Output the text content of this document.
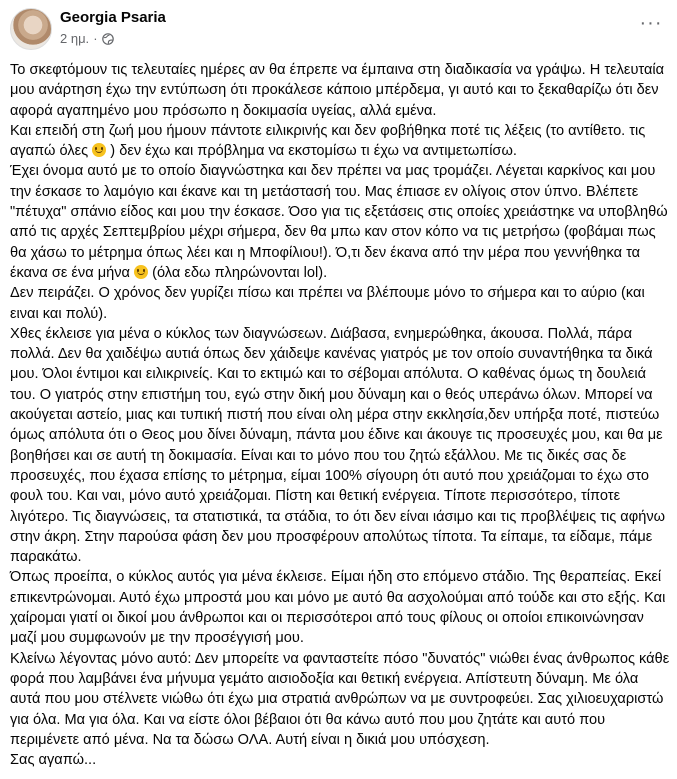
Georgia Psaria
2 ημ. ·
···

Το σκεφτόμουν τις τελευταίες ημέρες αν θα έπρεπε να έμπαινα στη διαδικασία να γράψω. Η τελευταία μου ανάρτηση έχω την εντύπωση ότι προκάλεσε κάποιο μπέρδεμα, γι αυτό και το ξεκαθαρίζω ότι δεν αφορά αγαπημένο μου πρόσωπο η δοκιμασία υγείας, αλλά εμένα.

Και επειδή στη ζωή μου ήμουν πάντοτε ειλικρινής και δεν φοβήθηκα ποτέ τις λέξεις (το αντίθετο. τις αγαπώ όλες ) δεν έχω και πρόβλημα να εκστομίσω τι έχω να αντιμετωπίσω.

Έχει όνομα αυτό με το οποίο διαγνώστηκα και δεν πρέπει να μας τρομάζει. Λέγεται καρκίνος και μου την έσκασε το λαμόγιο και έκανε και τη μετάστασή του. Μας έπιασε εν ολίγοις στον ύπνο. Βλέπετε "πέτυχα" σπάνιο είδος και μου την έσκασε. Όσο για τις εξετάσεις στις οποίες χρειάστηκε να υποβληθώ από τις αρχές Σεπτεμβρίου μέχρι σήμερα, δεν θα μπω καν στον κόπο να τις μετρήσω (φοβάμαι πως θα χάσω το μέτρημα όπως λέει και η Μποφίλιου!). Ό,τι δεν έκανα από την μέρα που γεννήθηκα τα έκανα σε ένα μήνα (όλα εδω πληρώνονται lol).

Δεν πειράζει. Ο χρόνος δεν γυρίζει πίσω και πρέπει να βλέπουμε μόνο το σήμερα και το αύριο (και ειναι και πολύ).

Χθες έκλεισε για μένα ο κύκλος των διαγνώσεων. Διάβασα, ενημερώθηκα, άκουσα. Πολλά, πάρα πολλά. Δεν θα χαιδέψω αυτιά όπως δεν χάιδεψε κανένας γιατρός με τον οποίο συναντήθηκα τα δικά μου. Όλοι έντιμοι και ειλικρινείς. Και το εκτιμώ και το σέβομαι απόλυτα. Ο καθένας όμως τη δουλειά του. Ο γιατρός στην επιστήμη του, εγώ στην δική μου δύναμη και ο θεός υπεράνω όλων. Μπορεί να ακούγεται αστείο, μιας και τυπική πιστή που είναι ολη μέρα στην εκκλησία,δεν υπήρξα ποτέ, πιστεύω όμως απόλυτα ότι ο Θεος μου δίνει δύναμη, πάντα μου έδινε και άκουγε τις προσευχές μου, και θα με βοηθήσει και σε αυτή τη δοκιμασία. Είναι και το μόνο που του ζητώ εξάλλου. Με τις δικές σας δε προσευχές, που έχασα επίσης το μέτρημα, είμαι 100% σίγουρη ότι αυτό που χρειάζομαι το έχω στο φουλ του. Και ναι, μόνο αυτό χρειάζομαι. Πίστη και θετική ενέργεια. Τίποτε περισσότερο, τίποτε λιγότερο. Τις διαγνώσεις, τα στατιστικά, τα στάδια, το ότι δεν είναι ιάσιμο και τις προβλέψεις τις αφήνω στην άκρη. Στην παρούσα φάση δεν μου προσφέρουν απολύτως τίποτα. Τα είπαμε, τα είδαμε, πάμε παρακάτω.

Όπως προείπα, ο κύκλος αυτός για μένα έκλεισε. Είμαι ήδη στο επόμενο στάδιο. Της θεραπείας. Εκεί επικεντρώνομαι. Αυτό έχω μπροστά μου και μόνο με αυτό θα ασχολούμαι από τούδε και στο εξής. Και χαίρομαι γιατί οι δικοί μου άνθρωποι και οι περισσότεροι από τους φίλους οι οποίοι επικοινώνησαν μαζί μου συμφωνούν με την προσέγγισή μου.

Κλείνω λέγοντας μόνο αυτό: Δεν μπορείτε να φανταστείτε πόσο "δυνατός" νιώθει ένας άνθρωπος κάθε φορά που λαμβάνει ένα μήνυμα γεμάτο αισιοδοξία και θετική ενέργεια. Απίστευτη δύναμη. Με όλα αυτά που μου στέλνετε νιώθω ότι έχω μια στρατιά ανθρώπων να με συντροφεύει. Σας χιλιοευχαριστώ για όλα. Μα για όλα. Και να είστε όλοι βέβαιοι ότι θα κάνω αυτό που μου ζητάτε και αυτό που περιμένετε από μένα. Να τα δώσω ΟΛΑ. Αυτή είναι η δικιά μου υπόσχεση.

Σας αγαπώ...
